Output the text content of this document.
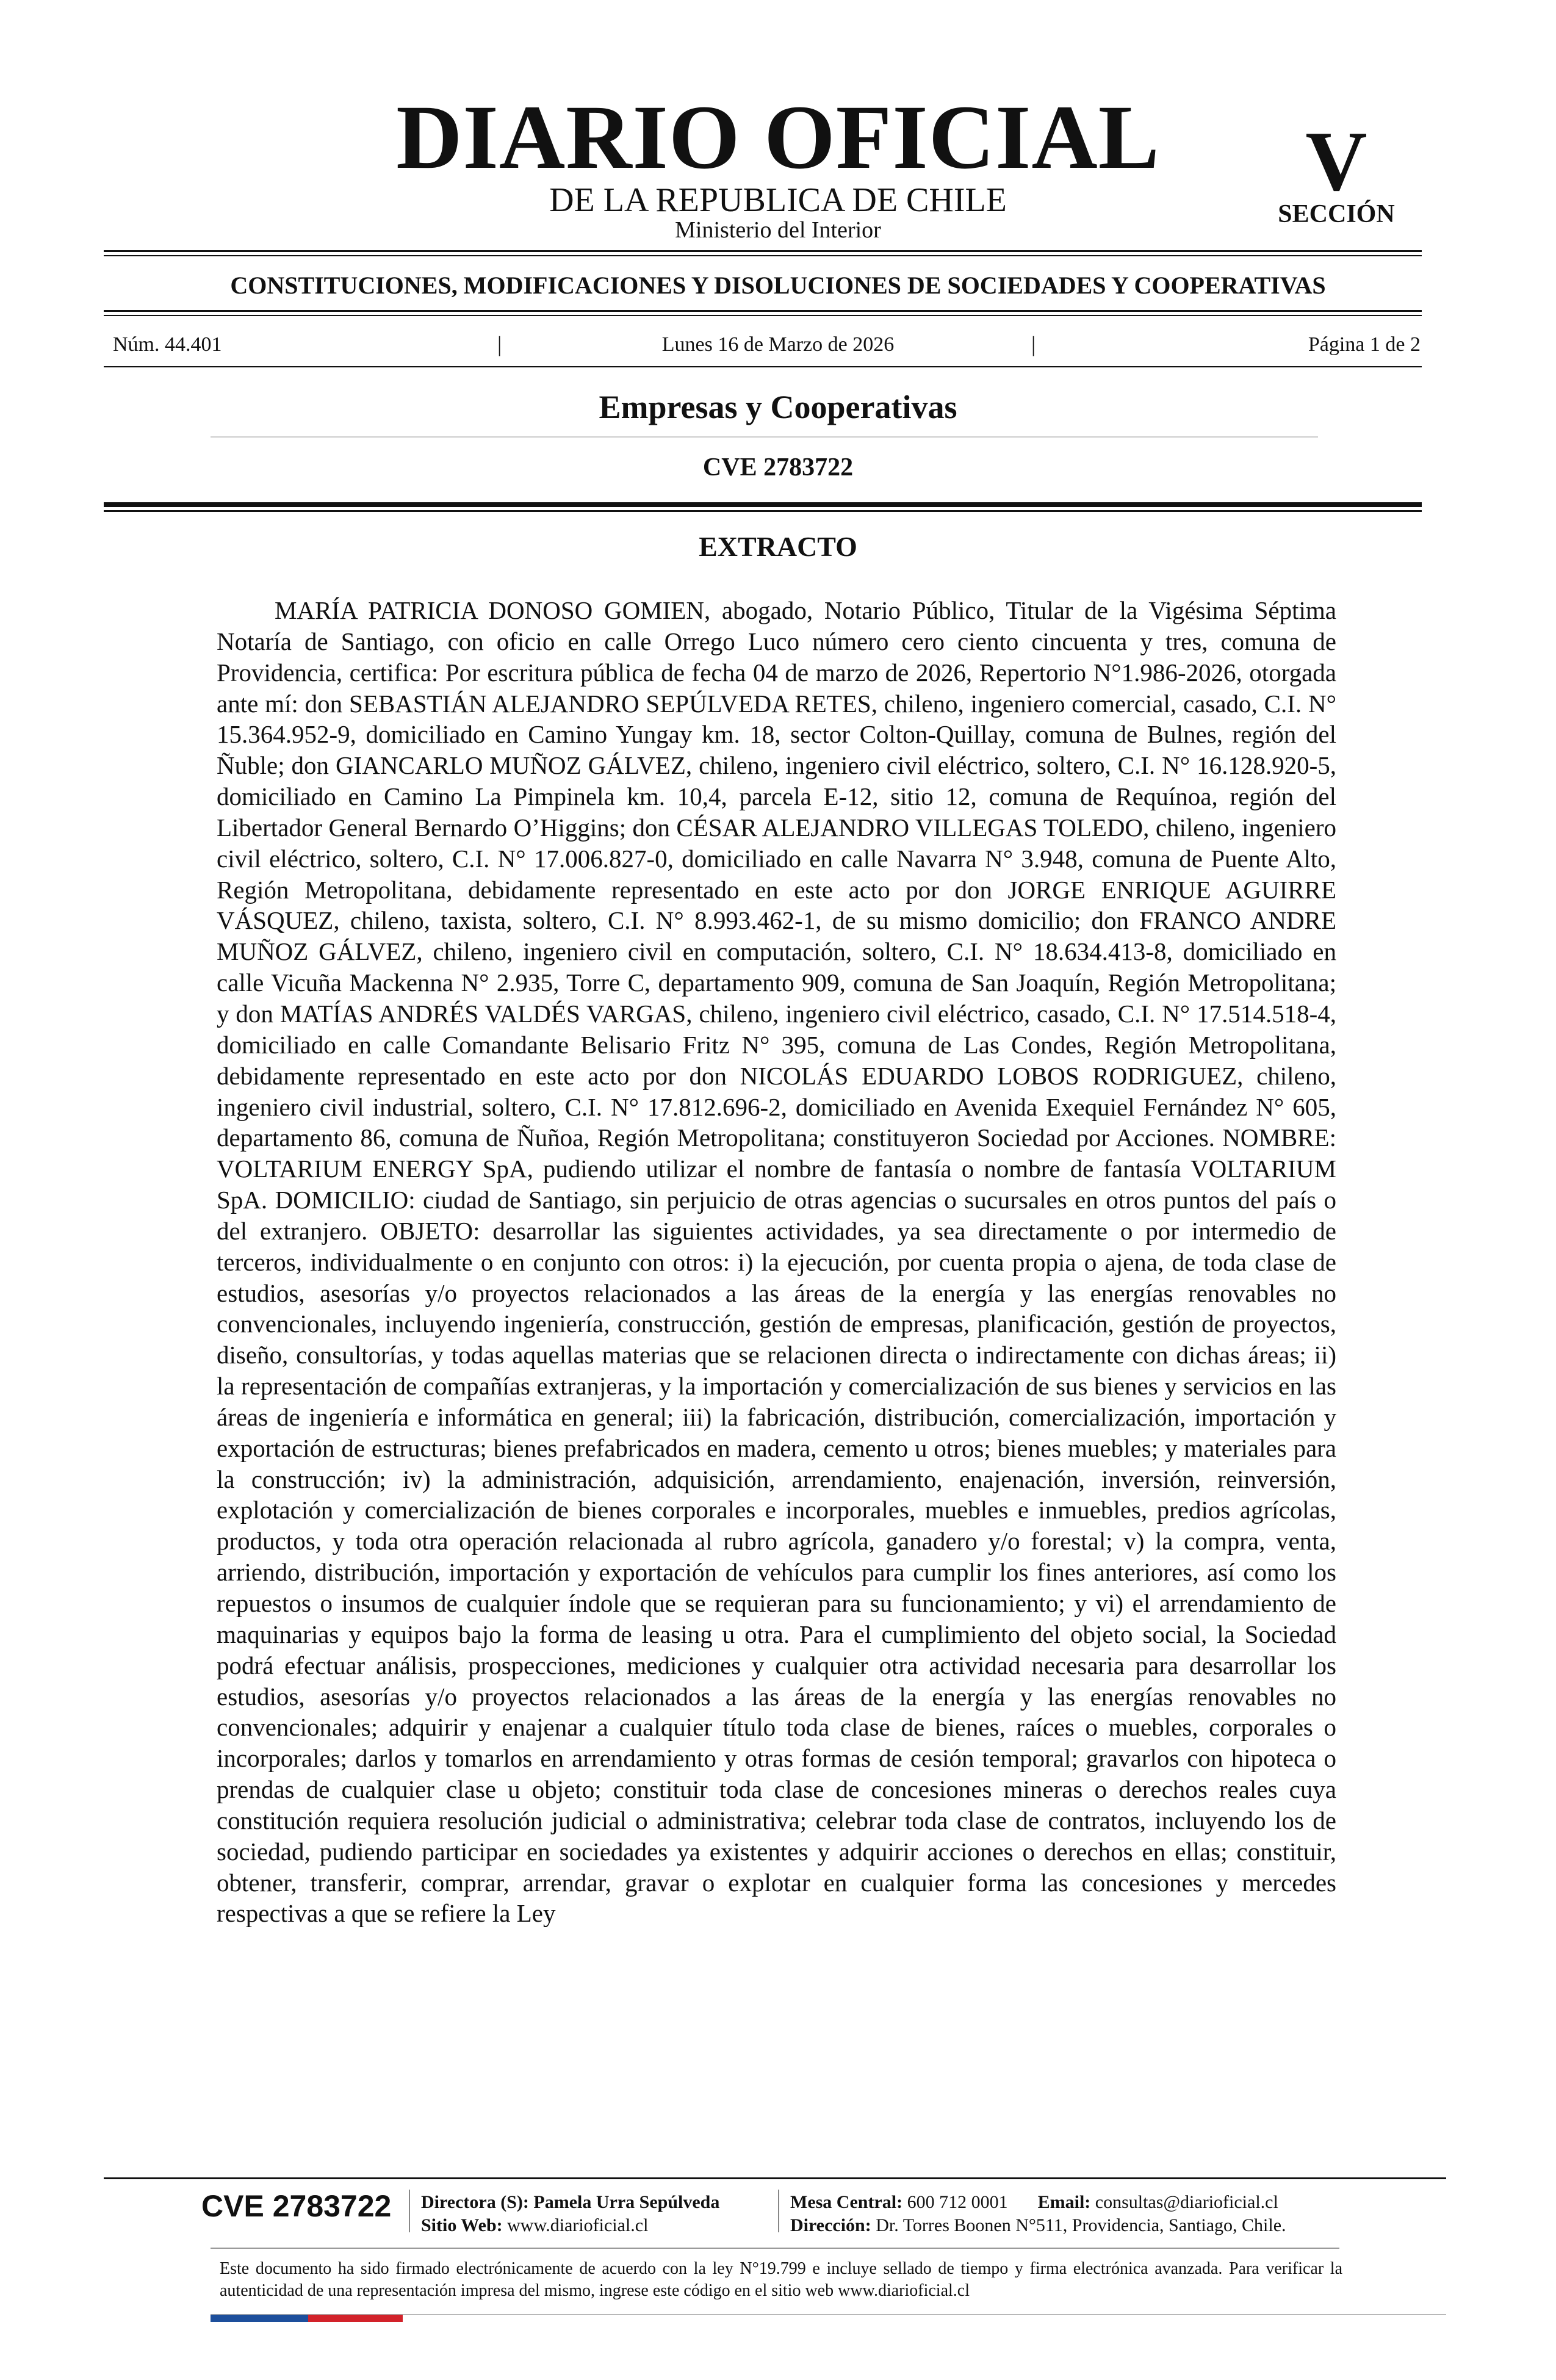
DIARIO OFICIAL
DE LA REPUBLICA DE CHILE
Ministerio del Interior
V
SECCIÓN
CONSTITUCIONES, MODIFICACIONES Y DISOLUCIONES DE SOCIEDADES Y COOPERATIVAS
Núm. 44.401	|	Lunes 16 de Marzo de 2026	|	Página 1 de 2
Empresas y Cooperativas
CVE 2783722
EXTRACTO
MARÍA PATRICIA DONOSO GOMIEN, abogado, Notario Público, Titular de la Vigésima Séptima Notaría de Santiago, con oficio en calle Orrego Luco número cero ciento cincuenta y tres, comuna de Providencia, certifica: Por escritura pública de fecha 04 de marzo de 2026, Repertorio N°1.986-2026, otorgada ante mí: don SEBASTIÁN ALEJANDRO SEPÚLVEDA RETES, chileno, ingeniero comercial, casado, C.I. N° 15.364.952-9, domiciliado en Camino Yungay km. 18, sector Colton-Quillay, comuna de Bulnes, región del Ñuble; don GIANCARLO MUÑOZ GÁLVEZ, chileno, ingeniero civil eléctrico, soltero, C.I. N° 16.128.920-5, domiciliado en Camino La Pimpinela km. 10,4, parcela E-12, sitio 12, comuna de Requínoa, región del Libertador General Bernardo O’Higgins; don CÉSAR ALEJANDRO VILLEGAS TOLEDO, chileno, ingeniero civil eléctrico, soltero, C.I. N° 17.006.827-0, domiciliado en calle Navarra N° 3.948, comuna de Puente Alto, Región Metropolitana, debidamente representado en este acto por don JORGE ENRIQUE AGUIRRE VÁSQUEZ, chileno, taxista, soltero, C.I. N° 8.993.462-1, de su mismo domicilio; don FRANCO ANDRE MUÑOZ GÁLVEZ, chileno, ingeniero civil en computación, soltero, C.I. N° 18.634.413-8, domiciliado en calle Vicuña Mackenna N° 2.935, Torre C, departamento 909, comuna de San Joaquín, Región Metropolitana; y don MATÍAS ANDRÉS VALDÉS VARGAS, chileno, ingeniero civil eléctrico, casado, C.I. N° 17.514.518-4, domiciliado en calle Comandante Belisario Fritz N° 395, comuna de Las Condes, Región Metropolitana, debidamente representado en este acto por don NICOLÁS EDUARDO LOBOS RODRIGUEZ, chileno, ingeniero civil industrial, soltero, C.I. N° 17.812.696-2, domiciliado en Avenida Exequiel Fernández N° 605, departamento 86, comuna de Ñuñoa, Región Metropolitana; constituyeron Sociedad por Acciones. NOMBRE: VOLTARIUM ENERGY SpA, pudiendo utilizar el nombre de fantasía o nombre de fantasía VOLTARIUM SpA. DOMICILIO: ciudad de Santiago, sin perjuicio de otras agencias o sucursales en otros puntos del país o del extranjero. OBJETO: desarrollar las siguientes actividades, ya sea directamente o por intermedio de terceros, individualmente o en conjunto con otros: i) la ejecución, por cuenta propia o ajena, de toda clase de estudios, asesorías y/o proyectos relacionados a las áreas de la energía y las energías renovables no convencionales, incluyendo ingeniería, construcción, gestión de empresas, planificación, gestión de proyectos, diseño, consultorías, y todas aquellas materias que se relacionen directa o indirectamente con dichas áreas; ii) la representación de compañías extranjeras, y la importación y comercialización de sus bienes y servicios en las áreas de ingeniería e informática en general; iii) la fabricación, distribución, comercialización, importación y exportación de estructuras; bienes prefabricados en madera, cemento u otros; bienes muebles; y materiales para la construcción; iv) la administración, adquisición, arrendamiento, enajenación, inversión, reinversión, explotación y comercialización de bienes corporales e incorporales, muebles e inmuebles, predios agrícolas, productos, y toda otra operación relacionada al rubro agrícola, ganadero y/o forestal; v) la compra, venta, arriendo, distribución, importación y exportación de vehículos para cumplir los fines anteriores, así como los repuestos o insumos de cualquier índole que se requieran para su funcionamiento; y vi) el arrendamiento de maquinarias y equipos bajo la forma de leasing u otra. Para el cumplimiento del objeto social, la Sociedad podrá efectuar análisis, prospecciones, mediciones y cualquier otra actividad necesaria para desarrollar los estudios, asesorías y/o proyectos relacionados a las áreas de la energía y las energías renovables no convencionales; adquirir y enajenar a cualquier título toda clase de bienes, raíces o muebles, corporales o incorporales; darlos y tomarlos en arrendamiento y otras formas de cesión temporal; gravarlos con hipoteca o prendas de cualquier clase u objeto; constituir toda clase de concesiones mineras o derechos reales cuya constitución requiera resolución judicial o administrativa; celebrar toda clase de contratos, incluyendo los de sociedad, pudiendo participar en sociedades ya existentes y adquirir acciones o derechos en ellas; constituir, obtener, transferir, comprar, arrendar, gravar o explotar en cualquier forma las concesiones y mercedes respectivas a que se refiere la Ley
CVE 2783722 Directora (S): Pamela Urra Sepúlveda
Sitio Web: www.diarioficial.cl
Mesa Central: 600 712 0001 Email: consultas@diarioficial.cl
Dirección: Dr. Torres Boonen N°511, Providencia, Santiago, Chile.
Este documento ha sido firmado electrónicamente de acuerdo con la ley N°19.799 e incluye sellado de tiempo y firma electrónica avanzada. Para verificar la autenticidad de una representación impresa del mismo, ingrese este código en el sitio web www.diarioficial.cl
